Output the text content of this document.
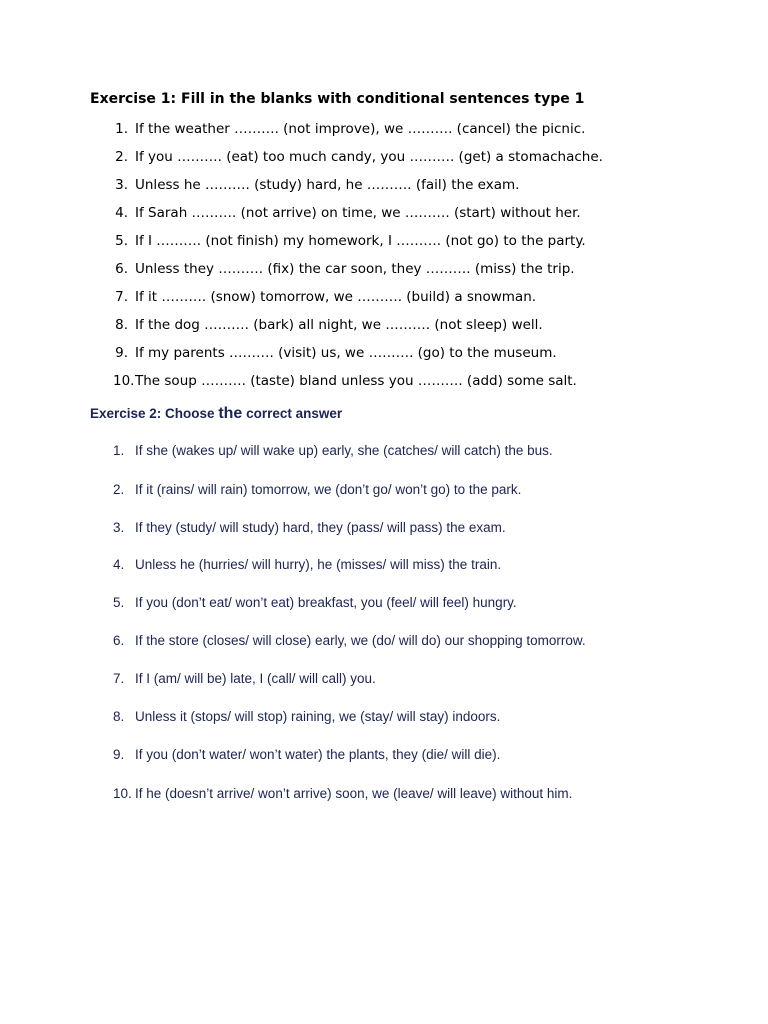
Exercise 1: Fill in the blanks with conditional sentences type 1
1. If the weather ………. (not improve), we ………. (cancel) the picnic.
2. If you ………. (eat) too much candy, you ………. (get) a stomachache.
3. Unless he ………. (study) hard, he ………. (fail) the exam.
4. If Sarah ………. (not arrive) on time, we ………. (start) without her.
5. If I ………. (not finish) my homework, I ………. (not go) to the party.
6. Unless they ………. (fix) the car soon, they ………. (miss) the trip.
7. If it ………. (snow) tomorrow, we ………. (build) a snowman.
8. If the dog ………. (bark) all night, we ………. (not sleep) well.
9. If my parents ………. (visit) us, we ………. (go) to the museum.
10. The soup ………. (taste) bland unless you ………. (add) some salt.
Exercise 2: Choose the correct answer
1. If she (wakes up/ will wake up) early, she (catches/ will catch) the bus.
2. If it (rains/ will rain) tomorrow, we (don’t go/ won’t go) to the park.
3. If they (study/ will study) hard, they (pass/ will pass) the exam.
4. Unless he (hurries/ will hurry), he (misses/ will miss) the train.
5. If you (don’t eat/ won’t eat) breakfast, you (feel/ will feel) hungry.
6. If the store (closes/ will close) early, we (do/ will do) our shopping tomorrow.
7. If I (am/ will be) late, I (call/ will call) you.
8. Unless it (stops/ will stop) raining, we (stay/ will stay) indoors.
9. If you (don’t water/ won’t water) the plants, they (die/ will die).
10. If he (doesn’t arrive/ won’t arrive) soon, we (leave/ will leave) without him.
